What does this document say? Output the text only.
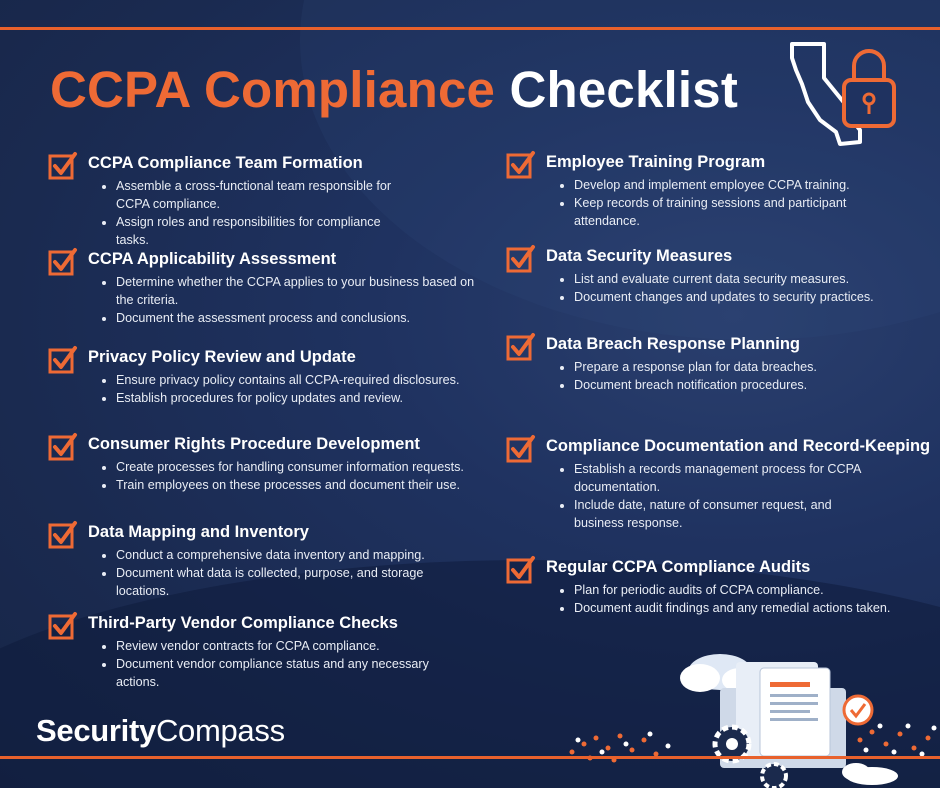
CCPA Compliance Checklist
CCPA Compliance Team Formation
• Assemble a cross-functional team responsible for CCPA compliance.
• Assign roles and responsibilities for compliance tasks.
CCPA Applicability Assessment
• Determine whether the CCPA applies to your business based on the criteria.
• Document the assessment process and conclusions.
Privacy Policy Review and Update
• Ensure privacy policy contains all CCPA-required disclosures.
• Establish procedures for policy updates and review.
Consumer Rights Procedure Development
• Create processes for handling consumer information requests.
• Train employees on these processes and document their use.
Data Mapping and Inventory
• Conduct a comprehensive data inventory and mapping.
• Document what data is collected, purpose, and storage locations.
Third-Party Vendor Compliance Checks
• Review vendor contracts for CCPA compliance.
• Document vendor compliance status and any necessary actions.
Employee Training Program
• Develop and implement employee CCPA training.
• Keep records of training sessions and participant attendance.
Data Security Measures
• List and evaluate current data security measures.
• Document changes and updates to security practices.
Data Breach Response Planning
• Prepare a response plan for data breaches.
• Document breach notification procedures.
Compliance Documentation and Record-Keeping
• Establish a records management process for CCPA documentation.
• Include date, nature of consumer request, and business response.
Regular CCPA Compliance Audits
• Plan for periodic audits of CCPA compliance.
• Document audit findings and any remedial actions taken.
SecurityCompass
